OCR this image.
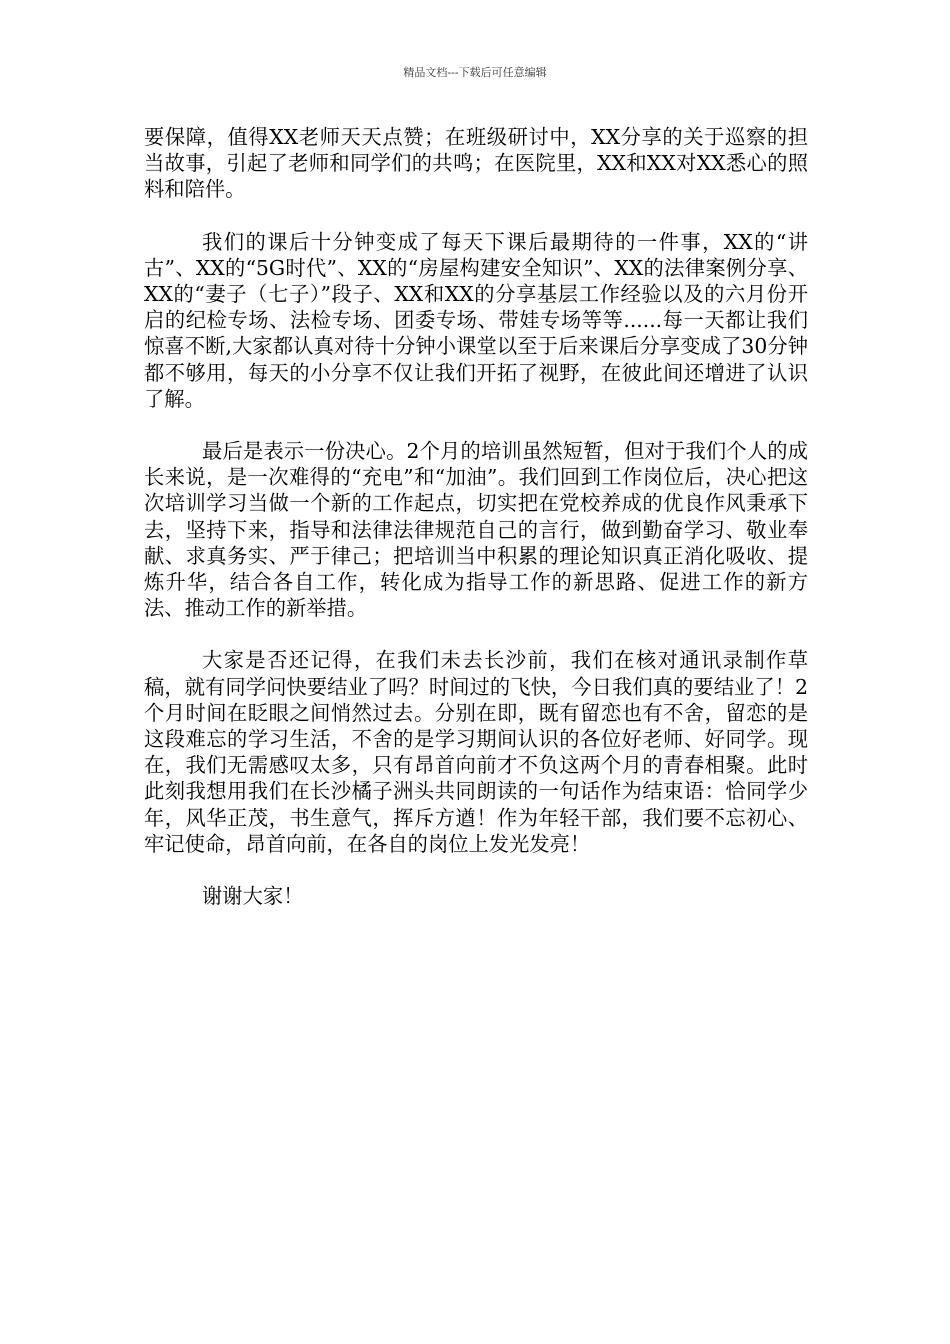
精品文档---下载后可任意编辑

要保障，值得XX老师天天点赞；在班级研讨中，XX分享的关于巡察的担当故事，引起了老师和同学们的共鸣；在医院里，XX和XX对XX悉心的照料和陪伴。

我们的课后十分钟变成了每天下课后最期待的一件事，XX的“讲古”、XX的“5G时代”、XX的“房屋构建安全知识”、XX的法律案例分享、XX的“妻子（七子）”段子、XX和XX的分享基层工作经验以及的六月份开启的纪检专场、法检专场、团委专场、带娃专场等等......每一天都让我们惊喜不断,大家都认真对待十分钟小课堂以至于后来课后分享变成了30分钟都不够用，每天的小分享不仅让我们开拓了视野，在彼此间还增进了认识了解。

最后是表示一份决心。2个月的培训虽然短暂，但对于我们个人的成长来说，是一次难得的“充电”和“加油”。我们回到工作岗位后，决心把这次培训学习当做一个新的工作起点，切实把在党校养成的优良作风秉承下去，坚持下来，指导和法律法律规范自己的言行，做到勤奋学习、敬业奉献、求真务实、严于律己；把培训当中积累的理论知识真正消化吸收、提炼升华，结合各自工作，转化成为指导工作的新思路、促进工作的新方法、推动工作的新举措。

大家是否还记得，在我们未去长沙前，我们在核对通讯录制作草稿，就有同学问快要结业了吗？时间过的飞快，今日我们真的要结业了！2个月时间在眨眼之间悄然过去。分别在即，既有留恋也有不舍，留恋的是这段难忘的学习生活，不舍的是学习期间认识的各位好老师、好同学。现在，我们无需感叹太多，只有昂首向前才不负这两个月的青春相聚。此时此刻我想用我们在长沙橘子洲头共同朗读的一句话作为结束语：恰同学少年，风华正茂，书生意气，挥斥方遒！作为年轻干部，我们要不忘初心、牢记使命，昂首向前，在各自的岗位上发光发亮！

谢谢大家！
